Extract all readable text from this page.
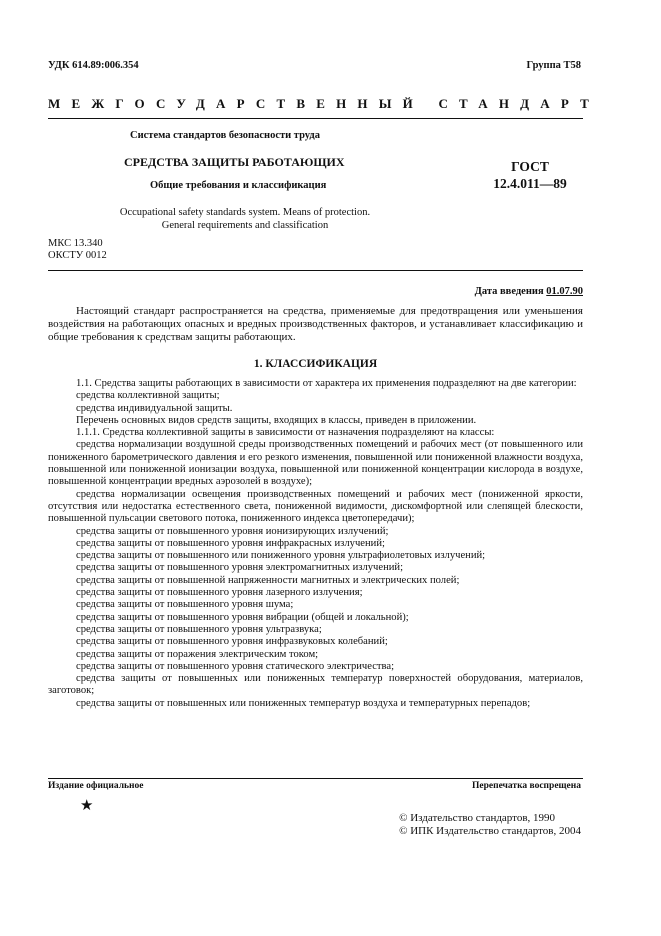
УДК 614.89:006.354	Группа Т58
МЕЖГОСУДАРСТВЕННЫЙ СТАНДАРТ
Система стандартов безопасности труда
СРЕДСТВА ЗАЩИТЫ РАБОТАЮЩИХ
Общие требования и классификация
ГОСТ
12.4.011—89
Occupational safety standards system. Means of protection.
General requirements and classification
МКС 13.340
ОКСТУ 0012
Дата введения 01.07.90
Настоящий стандарт распространяется на средства, применяемые для предотвращения или уменьшения воздействия на работающих опасных и вредных производственных факторов, и устанавливает классификацию и общие требования к средствам защиты работающих.
1. КЛАССИФИКАЦИЯ

1.1. Средства защиты работающих в зависимости от характера их применения подразделяют на две категории:

средства коллективной защиты;

средства индивидуальной защиты.

Перечень основных видов средств защиты, входящих в классы, приведен в приложении.

1.1.1. Средства коллективной защиты в зависимости от назначения подразделяют на классы:

средства нормализации воздушной среды производственных помещений и рабочих мест (от повышенного или пониженного барометрического давления и его резкого изменения, повышенной или пониженной влажности воздуха, повышенной или пониженной ионизации воздуха, повышенной или пониженной концентрации кислорода в воздухе, повышенной концентрации вредных аэрозолей в воздухе);

средства нормализации освещения производственных помещений и рабочих мест (пониженной яркости, отсутствия или недостатка естественного света, пониженной видимости, дискомфортной или слепящей блескости, повышенной пульсации светового потока, пониженного индекса цветопередачи);

средства защиты от повышенного уровня ионизирующих излучений;

средства защиты от повышенного уровня инфракрасных излучений;

средства защиты от повышенного или пониженного уровня ультрафиолетовых излучений;

средства защиты от повышенного уровня электромагнитных излучений;

средства защиты от повышенной напряженности магнитных и электрических полей;

средства защиты от повышенного уровня лазерного излучения;

средства защиты от повышенного уровня шума;

средства защиты от повышенного уровня вибрации (общей и локальной);

средства защиты от повышенного уровня ультразвука;

средства защиты от повышенного уровня инфразвуковых колебаний;

средства защиты от поражения электрическим током;

средства защиты от повышенного уровня статического электричества;

средства защиты от повышенных или пониженных температур поверхностей оборудования, материалов, заготовок;

средства защиты от повышенных или пониженных температур воздуха и температурных перепадов;

Издание официальное	Перепечатка воспрещена
★
© Издательство стандартов, 1990
© ИПК Издательство стандартов, 2004
